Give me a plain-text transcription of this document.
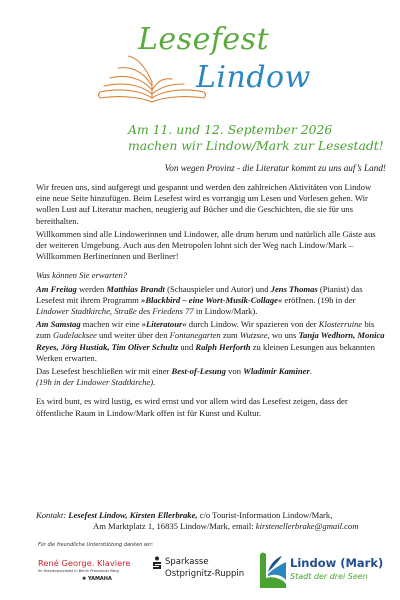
Lesefest
Lindow
Am 11. und 12. September 2026
machen wir Lindow/Mark zur Lesestadt!
Von wegen Provinz - die Literatur kommt zu uns auf’s Land!

Wir freuen uns, sind aufgeregt und gespannt und werden den zahlreichen Aktivitäten von Lindow eine neue Seite hinzufügen. Beim Lesefest wird es vorrangig um Lesen und Vorlesen gehen. Wir wollen Lust auf Literatur machen, neugierig auf Bücher und die Geschichten, die sie für uns bereithalten.

Willkommen sind alle Lindowerinnen und Lindower, alle drum herum und natürlich alle Gäste aus der weiteren Umgebung. Auch aus den Metropolen lohnt sich der Weg nach Lindow/Mark – Willkommen Berlinerinnen und Berliner!

Was können Sie erwarten?

Am Freitag werden Matthias Brandt (Schauspieler und Autor) und Jens Thomas (Pianist) das Lesefest mit ihrem Programm »Blackbird – eine Wort-Musik-Collage« eröffnen. (19h in der Lindower Stadtkirche, Straße des Friedens 77 in Lindow/Mark).

Am Samstag machen wir eine »Literatour« durch Lindow. Wir spazieren von der Klosterruine bis zum Gudelacksee und weiter über den Fontanegarten zum Wutzsee, wo uns Tanja Wedhorn, Monica Reyes, Jörg Hustiak, Tim Oliver Schultz und Ralph Herforth zu kleinen Lesungen aus bekannten Werken erwarten.

Das Lesefest beschließen wir mit einer Best-of-Lesung von Wladimir Kaminer.
(19h in der Lindower Stadtkirche).

Es wird bunt, es wird lustig, es wird ernst und vor allem wird das Lesefest zeigen, dass der öffentliche Raum in Lindow/Mark offen ist für Kunst und Kultur.

Kontakt: Lesefest Lindow, Kirsten Ellerbrake, c/o Tourist-Information Lindow/Mark,
Am Marktplatz 1, 16835 Lindow/Mark, email: kirstenellerbrake@gmail.com
Für die freundliche Unterstützung danken wir:
René George. Klaviere
Ihr Klavierspezialist in Berlin Prenzlauer Berg
✺ YAMAHA
Sparkasse
Ostprignitz-Ruppin
Lindow (Mark)
Stadt der drei Seen
